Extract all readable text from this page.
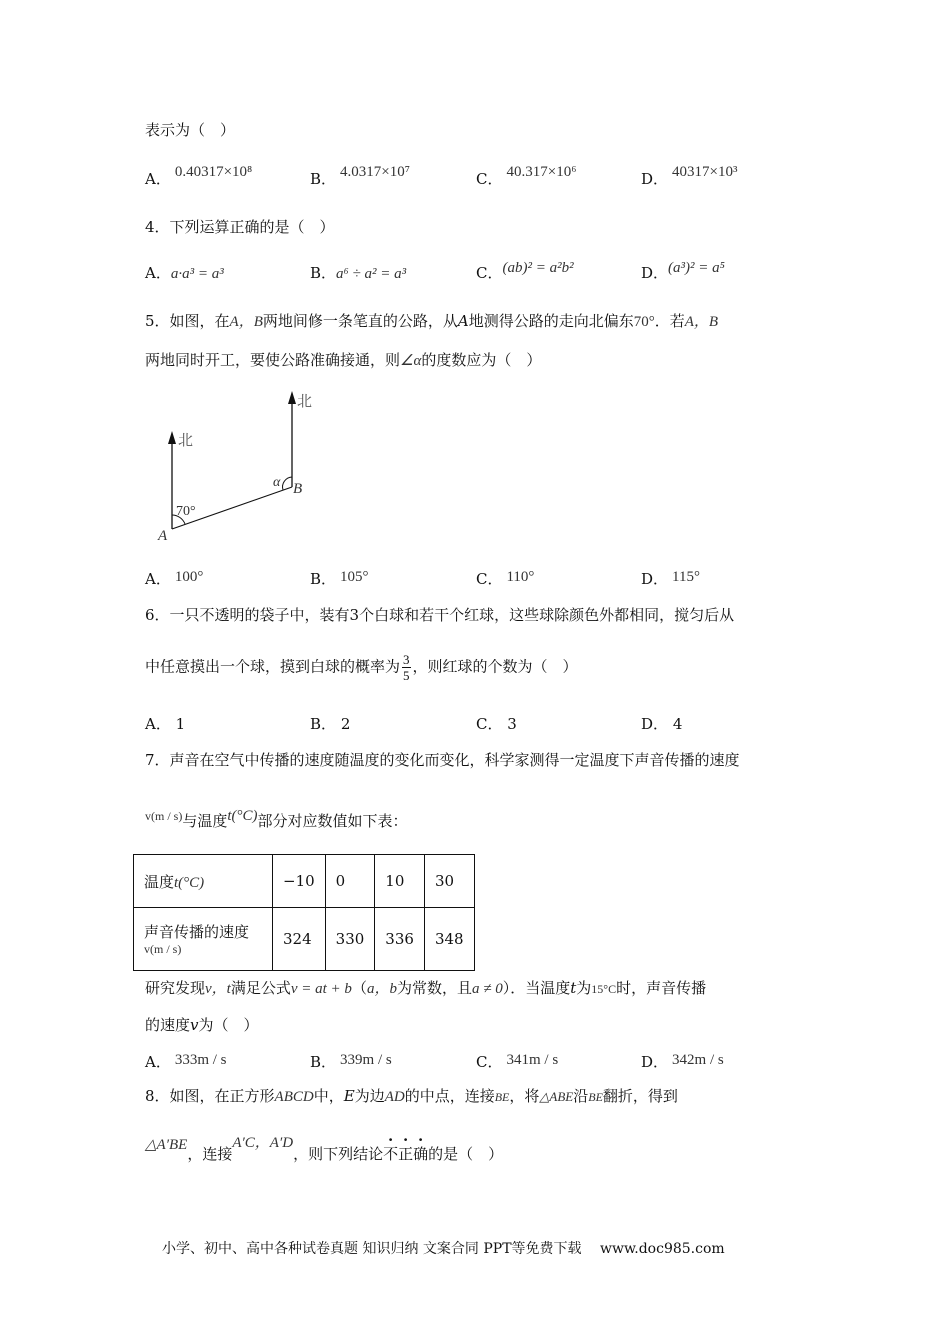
表示为（　）
A． 0.40317×10⁸	B． 4.0317×10⁷	C． 40.317×10⁶	D． 40317×10³
4．下列运算正确的是（　）
A．a·a³ = a³	B．a⁶ ÷ a² = a³	C．(ab)² = a²b²	D．(a³)² = a⁵
5．如图，在A，B两地间修一条笔直的公路，从A地测得公路的走向北偏东70°．若A，B
两地同时开工，要使公路准确接通，则∠α的度数应为（　）
北
北
70°
α
A
B
A． 100°	B． 105°	C． 110°	D． 115°
6．一只不透明的袋子中，装有3个白球和若干个红球，这些球除颜色外都相同，搅匀后从
中任意摸出一个球，摸到白球的概率为 $\frac{3}{5}$ ，则红球的个数为（　）
A． 1	B． 2	C． 3	D． 4
7．声音在空气中传播的速度随温度的变化而变化，科学家测得一定温度下声音传播的速度
$^{v(m / s)}$与温度t(°C)部分对应数值如下表：
温度t(°C)	−10	0	10	30
声音传播的速度
v(m / s)	324	330	336	348
研究发现v，t满足公式v = at + b（a，b为常数，且a ≠ 0）．当温度t为15°C时，声音传播
的速度v为（　）
A． 333m / s	B． 339m / s	C． 341m / s	D． 342m / s
8．如图，在正方形ABCD中，E为边AD的中点，连接BE，将△ABE沿BE翻折，得到
△A′BE，连接A′C，A′D，则下列结论不正确的是（　）
小学、初中、高中各种试卷真题 知识归纳 文案合同 PPT等免费下载　 www.doc985.com
